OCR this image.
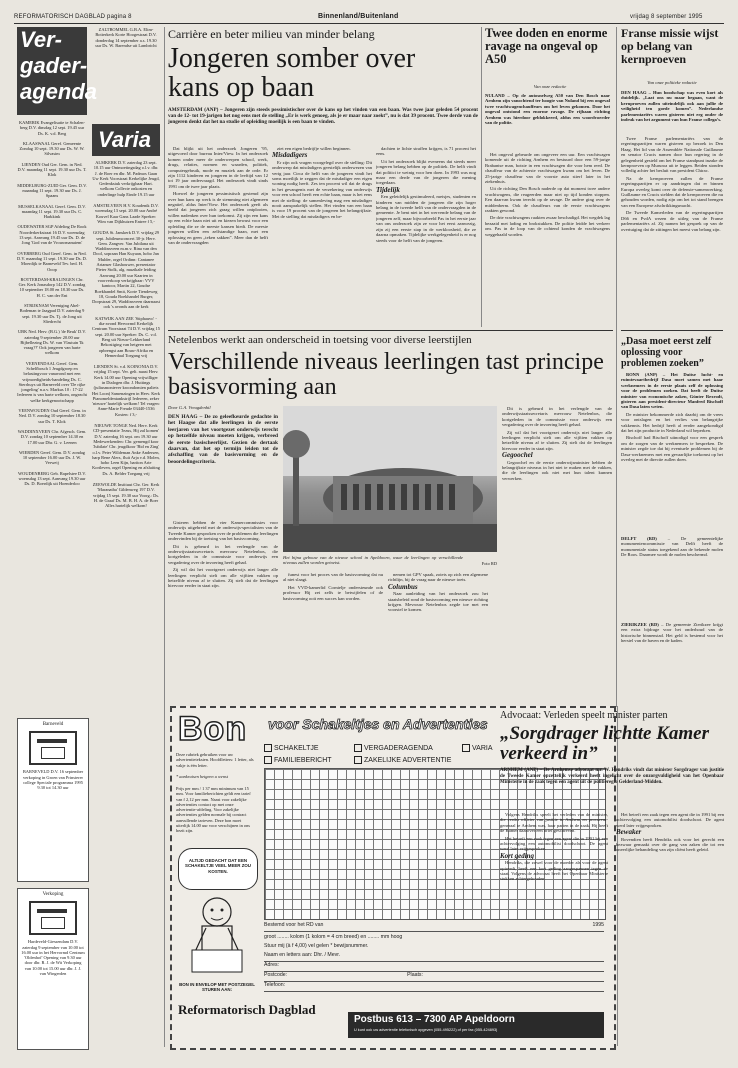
REFORMATORISCH DAGBLAD pagina 8	Binnenland/Buitenland	vrijdag 8 september 1995
Ver-
gader-
agenda
KAMERIK Evangelisatie te Schalenberg D.V. dinsdag 12 sept. 19.45 uur Ds. K. v.d. Berg
KLAASWAAL Geref. Gemeente Zondag 10 sept. 19.30 uur Ds. W. W. Silvasim
LIENDEN Oud Ger. Gem. in Ned. D.V. maandag 11 sept. 19.30 uur Ds. T. Klok
MIDDELBURG-ZUID Ger. Gem. D.V. maandag 11 sept. 19.30 uur Ds. J. Spaans
MUSSELKANAAL Geref. Gem. D.V. maandag 11 sept. 19.30 uur Ds. C. Harkkink
OUDEWATER SGP Afdeling De Rook Noorderkerkstraat 16 D.V. woensdag 13 sept. Aanvang 19.45 uur Ds. D. de Jong 'God van de Vrouwmanuiem'
OVERBERG Oud Geref. Gem. in Ned. D.V. maandag 11 sept. 19.30 uur Ds. D. Moerdijk te Barneveld Tev. bed. H. Ooop
ROTTERDAM-KRALINGEN Chr. Ger. Kerk Jonasdorp 142 D.V. zondag 10 september 18.00 en 18.30 uur Ds. H. C. van der Ent
STRIJKNAM Vereniging Abel-Bodeman te Jaagpad D.V. zaterdag 9 sept. 19.30 uur Ds. Tj. de Jong uit Sliedrecht
UBK Ned. Herv. (B.G.) 'de Beuk' D.V. zaterdag 9 september 20.00 uur Bijbellezing Ds. W. van Vlastuin 'Ik vraag??' Ook jongeren van harte welkom
VEENENDAAL Geref. Gem. Schelfbosch 1 Jeugdgroep en belastingvoor vanavond met een vrijmoedigheids-handeling Ds. C. Sterrhuys uit Barneveld over 'De rijke jongeling' n.a.v. Markus 10 : 17-22 Iedereen is van harte welkom, ongeacht welke kerkgenootschapp
VEENWOUDEN Oud Geref. Gem. in Ned. D.V. zondag 10 september 18.30 uur Ds. T. Klok
WADDINXVEEN Chr. Afgesch. Gem. D.V. zondag 10 september 14.30 en 17.00 uur Dhr. G. v. Leenen
WIERDEN Geref. Gem. D.V. zondag 10 september 16.00 uur Ds. J. W. Verweij
WOUDENBERG Geb. Rapelstee D.V. woensdag 13 sept. Aanvang 19.30 uur Ds. D. Boerdijk uit Hoenderloo
Barneveld
BARNEVELD D.V. 16 september verkoping in Groen van Prinsterer college Speciale programma 1995 9.30 tot 14.30 uur
Verkoping
Hardeveld-Giessendam D.V. zaterdag 9 september van 10.00 tot 16.00 uur in het Hervormd Centrum 'Oldenhof' Opening van 9.30 uur door dhr. R. J. de Wit Verkoping van 10.00 tot 15.00 uur dhr. J. J. van Wingerden
ZALTBOMMEL G.B.A. Elim-Botterkerk Korte Hoogestraat D.V. donderdag 14 september a.s. 19.30 uur Ds. W. Barendse uit Lambricht
Varia
ALMKERK D.V. zaterdag 23 sept. 10.15 uur Ontmoetingsdag o.l.v. dhr. J. de Boer en dhr. M. Padmos Gaan Uw Kerk Voorstraat Kerkelijke Jeugd, Gedenkstuk verkrijgbaar Hart. welkom Collecte onkosten en onderlinge hulp Einde 19.15 uur
AMSTELVEEN H.V. Koudenik D.V. woensdag 13 sept. 20.00 uur André Kouvel Kaar Gans Laade Spreker: Wim van Dijkhuizen Entree f 5,-
GOUDA St. Janskerk D.V. vrijdag 29 sept. Jubileumconcert 30-jr. Herv. Gem. Zangver. Van Jubilana uit Waddinxveen m.m.v. Rina van den Dool, sopraan Han Kuyaan, hobo Jan Mulder, orgel Ordinn: Cantanee Artanser Glashouwer, presentator Pieter Stolk, alg. muzikale leiding Aanvang 20.00 uur Kaarten in voorverkoop verkrijgbaar: VVV kantoor, Martin 22, Goudse Boekhandel Smit, Korte Tiendeweg 18, Gouda Boekhandel Burger, Dorpstraat 29, Waddinxveen daarnaast ook 's avonds aan de kerk
KATWIJK AAN ZEE 'Stiphauvo' - dia-avond Hervormd Kerkelijk Centrum Voorstraat 74 D.V. vrijdag 15 sept. 20.00 uur Spreker: Ds. C. v.d. Berg uit Nieuw-Lekkerland Bekostiging van hetgeen met opbrengst aan Bouw-Afrika en Hemerdaal Toegang vrij
LIENDEN St. v.d. KOINONIA D.V. vrijdag 15 sept. Ver. gelt. naast Herv. Kerk 14.00 uur Opening vrijwilliger in Dialogen dhr. J. Huttings (juliusmoniever kroondomien paliets Het Loon) Samenzingen in Herv. Kerk Pianomeldentankstrijl Iedereen, zeker 'nieuwe' hartelijk welkom! Tel vragen: Anne-Marie Freude 03440-1536 Kosten: f 3,-
NIEUWE TONGE Ned. Herv. Kerk CD-presentatie 'Jezus, Hij zal komen' D.V. zaterdag 16 sept. om 19.30 uur Medewerkenden: Chr. gemengd koor 'Jubilate' Chr. jeugdkoor 'Bid en Zing' o.l.v. Peter Wildeman Anke Andersen, harp Rene Alers, fluit Arja v.d. Molen, hobo Leen Kijn, bariton Arie Kortleven, orgel Opening en afsluiting Ds. A. Belder Toegang vrij
ZEEWOLDE Instituut Chr. Ger. Kerk 'Maranatha' Gildenweg 197 D.V. vrijdag 15 sept. 19.30 uur Voorg.: Ds. H. de Graaf Ds. M. B. H. A. de Boer Alles hartelijk welkom!
Carrière en beter milieu van minder belang
Jongeren somber over kans op baan
AMSTERDAM (ANP) – Jongeren zijn steeds pessimistischer over de kans op het vinden van een baan. Was twee jaar geleden 54 procent van de 12- tot 19-jarigen het nog eens met de stelling „Er is werk genoeg, als je er maar naar zoekt”, nu is dat 39 procent. Twee derde van de jongeren denkt dat het na studie of opleiding moeilijk is een baan te vinden.

Dat blijkt uit het onderzoek Jongeren '95, uitgevoerd door bureau Inter/View. In het onderzoek komen onder meer de onderwerpen school, werk, drugs, relaties, normen en waarden, politiek, computergebruik, mode en muziek aan de orde. Er zijn 1112 kinderen en jongeren in de leeftijd van 12 tot 19 jaar ondervraagd. Het onderzoek vindt sinds 1991 om de twee jaar plaats.

Hoewel de jongeren pessimistisch gestemd zijn over hun kans op werk is de stemming niet algemeen negatief, aldus Inter/View. Het onderzoek geeft als beeld dat jongeren zich graag willen ontplooien, willen nadenken over hun toekomst. Zij zijn een kans op een echte baan niet uit en kiezen bewust voor een opleiding die ze de meeste kansen biedt. De meeste jongeren willen een zelfstandige baan, met een oplossing en geen „teken sakken”. Meer dan de helft van de ondervraagden

ziet een eigen bedrijfje willen beginnen.

Misdadigers

Er zijn ook vragen voorgelegd over de stelling: Dit onderwerp dat misdadigers geestelijk onderwezen van verig jaar. Circa de helft van de jongeren vindt het soms moeilijk te zeggen dat de misdadiger een eigen woning nodig heeft. Zes ten procent wil dat de drugs in het gevangenis met de verzekering van onderwijs voor een school heeft een echte baan, maar is het eens met de stelling: de samenleving mag een misdadiger nooit aansprakelijk stellen. Het vinden van een baan is voor 19 procent van de jongeren het belangrijkste. Met de stelling dat misdadigers en be-

dachten te lichte straffen krijgen, is 71 procent het eens.

Uit het onderzoek blijkt eveneens dat steeds meer jongeren belang hebben op de politiek. De helft vindt dat politici te weinig voor hen doen. In 1993 was nog maar een derde van de jongeren die mening toegedaan.

Tijdelijk

Een geleidelijk gestimuleerd, meisjes, studenten en kinderen van midden de jongeren die zijn hoger belang in de tweede helft van de ondervraagden in de gemeente. Je bent niet in het wervende belang van de jongeren zelf, maar bijvoorbeeld Pas in het eerste jaar van ons onderzoek zijn ze voor het eerst aanwezig, zijn zij een eerste stap in de werkloosheid, die ze daarna opmaken. Tijdelijke werkgelegenheid is er nog steeds voor de helft van de jongeren.

Twee doden en enorme ravage na ongeval op A50
Van onze redactie
NULAND – Op de autosnelweg A50 van Den Bosch naar Arnhem zijn vanochtend ter hoogte van Nuland bij een ongeval twee vrachtwagenchauffeurs om het leven gekomen. Door het ongeval ontstond een enorme ravage. De rijbaan richting Arnhem was hierdoor geblokkeerd, aldus een woordvoerder van de politie.

Het ongeval gebeurde om ongeveer een uur. Een vrachtwagen komende uit de richting Arnhem en bestuurd door een 59-jarige Brabantse man, botste in een vrachtwagen die voor hem reed. De chauffeur van de achterste vrachtwagen kwam om het leven. De 25-jarige chauffeur van de voorste auto stierf later in het ziekenhuis.

Uit de richting Den Bosch naderde op dat moment twee andere vrachtwagens, die reageerden maar niet op tijd konden stoppen. Een daarvan kwam terecht op de ravage. De andere ging over de middenberm. Ook de chauffeurs van de eerste vrachtwagens raakten gewond.

De drie vrachtwagens raakten zwaar beschadigd. Het wegdek lag bezaaid met lading en brokstukken. De politie leidde het verkeer om. Pas in de loop van de ochtend konden de vrachtwagens weggehaald worden.

Franse missie wijst op belang van kernproeven
Van onze politieke redactie
DEN HAAG – Hun boodschap was even kort als duidelijk. „Laat ons nu maar begaan, want de kernproeven zullen uiteindelijk ook aan jullie de veiligheid ten goede komen”. Nederlandse parlementariërs waren gisteren niet erg onder de indruk van het argument van hun Franse collega’s.

Twee Franse parlementariërs van de regeringspartijen waren gisteren op bezoek in Den Haag. Het lid van de Assemblée Nationale Guillaume en senator Crucis namen door hun regering in de gelegenheid gesteld om het Franse standpunt inzake de kernproeven op Mururoa uit te leggen. Beiden stonden volledig achter het besluit van president Chirac.

Na de kernproeven zullen de Franse regeringspartijen er op aandringen dat er binnen Europa overleg komt over de defensie-samenwerking. Guillaume en Crucis stelden dat de kernproeven die nu gehouden worden, nodig zijn om het tot stand brengen van een Europese afschrikkingsmacht.

De Tweede Kamerleden van de regeringspartijen D66 en PvdA wezen de uitleg van de Franse parlementariërs af. Zij namen het gesprek op van de overtuiging dat de zittingen het meest van belang zijn.

„Dasa moet eerst zelf oplossing voor problemen zoeken”

BONN (ANP) – Het Duitse lucht- en ruimtevaartbedrijf Dasa moet samen met haar werknemers in de eerste plaats zelf de oplossing voor de problemen zoeken. Dat heeft de Duitse minister van economische zaken, Günter Rexrodt, gisteren aan president-directeur Manfred Bischoff van Dasa laten weten.

De minister bekommerde zich daarbij om de vrees voor ontslagen en het verlies van belangrijke vakkennis. Het bedrijf heeft al eerder aangekondigd dat het zijn productie in Nederland wil beperken.

Bischoff had Bischoff uitnodigd voor een gesprek om de zorgen van de werknemers te bespreken. De minister zegde toe dat bij eventuele problemen bij de Dasa-werknemers met een gevaarlijke toekomst op het overleg met de directie zullen doen.

DELFT (RD) – De gemeentelijke monumentencommissie van Delft heeft de monumentale status toegekend aan de bekende molen De Roos. Daarmee wordt de molen beschermd.

ZIERIKZEE (RD) – De gemeente Zierikzee krijgt een extra bijdrage voor het onderhoud van de historische binnenstad. Het geld is bestemd voor het herstel van de haven en de kaden.

Netelenbos werkt aan onderscheid in toetsing voor diverse leerstijlen
Verschillende niveaus leerlingen tast principe basisvorming aan
Door G.A. Vreugdenhil
DEN HAAG – De zo geleefkeurde gedachte in het Haagse dat alle leerlingen in de eerste leerjaren van het voortgezet onderwijs terecht op hetzelfde niveau moeten krijgen, verbreed de eerste basischeerlijst. Gezien de dertaak daarvan, dat het op termijn leiden tot de afschaffing van de basisvorming en de beoordelingscriteria.

Gisteren hebben de vier Kamercommissies voor onderwijs uitgebreid met de onderwijs-specialisten van de Tweede Kamer gesproken over de problemen die leerlingen ondervinden bij de toetsing van het basisvorming.

Dit is gebeurd in het verlengde van de onderwijsstaatssecretaris mevrouw Netelenbos, die kortgeleden in de commissie voor onderwijs een vergadering over de invoering heeft gehad.

Zij wil dat het voortgezet onderwijs niet langer alle leerlingen verplicht stelt om alle vijftien vakken op hetzelfde niveau af te sluiten. Zij stelt dat de leerlingen hiervoor eerder in staat zijn.

Het bijna gebouw van de nieuwe school in Apeldoorn, waar de leerlingen op verschillende niveaus zullen worden getoetst.	Foto RD

funest voor het proces van de basisvorming dat nu al niet slaagt.

Het VVD-kamerlid Cornielje ondersteunde ook professor Hij zei zelfs te betwijfelen of de basisvorming ooit een succes kan worden.

nemen tot GPV spaak, zoiets op zich een algemene richtlijn, bij de vraag naar de nieuwe toets.

Columbus

Naar aanleiding van het onderzoek zou het staatsbeleid rond de basisvorming een nieuwe richting krijgen. Mevrouw Netelenbos zegde toe met een voorstel te komen.

Dit is gebeurd in het verlengde van de onderwijsstaatssecretaris mevrouw Netelenbos, die kortgeleden in de commissie voor onderwijs een vergadering over de invoering heeft gehad.

Zij wil dat het voortgezet onderwijs niet langer alle leerlingen verplicht stelt om alle vijftien vakken op hetzelfde niveau af te sluiten. Zij stelt dat de leerlingen hiervoor eerder in staat zijn.

Gegoochel

Gegoochel en de eerste onderwijsminister hebben de belangrijkste niveaus in het niet te maken met de vakken, die de leerlingen ook niet met hun talent kunnen verwerken.

Bon voor Schakeltjes en Advertenties
Deze rubriek gebruiken voor uw advertentieteksten. Hoofdletters: 1 letter, als vakje is één letter.
SCHAKELTJE	VERGADERAGENDA	VARIA
FAMILIEBERICHT	ZAKELIJKE ADVERTENTIE
* aankruisen hetgeen u wenst
Prijs per mm / 1 37 mm minimum van 15 mm. Voor familieberichten geldt een tarief van f 2,12 per mm. Naast voor zakelijke advertenties contact op met onze advertentie-afdeling. Voor zakelijke advertenties gelden normale bij contract aanvullende tarieven. Deze bon moet uiterlijk 14.00 uur voor verschijnen in ons bezit zijn.
ALTIJD GEDACHT DAT EEN SCHAKELTJE VEEL MEER ZOU KOSTEN.
BON IN ENVELOP MET POSTZEGEL STUREN AAN:
Reformatorisch Dagblad
Bestemd voor het RD van	1995
groot ........ kolom (1 kolom = 4 cm breed) en ........ mm hoog
Stuur mij (à f 4,00) vel gelen * bewijsnummer.
Naam en letters aan: Dhr. / Mevr.
Adres:
Postcode:	Plaats:
Telefoon:
Postbus 613 – 7300 AP Apeldoorn
U kunt ook uw advertentie telefonisch opgeven (055-495222) of per fax (055-424893)
Advocaat: Verleden speelt minister parten
„Sorgdrager lichtte Kamer verkeerd in”
ARNHEM (ANP) – De Arnhemse advocaat mr. W. Hendriks vindt dat minister Sorgdrager van justitie de Tweede Kamer opzettelijk verkeerd heeft ingelicht over de onzorgvuldigheid van het Openbaar Ministerie in de zaak tegen een agent uit de politieregio Gelderland-Midden.

Volgens Hendriks speelt het verleden van de minister, die eerder officier van justitie in Arnhem en procureur-generaal te Arnhem was, haar parten in de zaak. Hij heeft de Kamer daarover een brief geschreven.

Het betreft een zaak tegen een agent die in 1991 bij een achtervolging een automobilist doodschoot. De agent werd later vrijgesproken.

Kort geding

Hendriks, die zowel voor de moeder als voor de agent optreedt, heeft een kort geding aangespannen tegen de staat. Volgens de advocaat heeft het Openbaar Ministerie stukken achtergehouden.

Het betreft een zaak tegen een agent die in 1991 bij een achtervolging een automobilist doodschoot. De agent werd later vrijgesproken.

Bewaker

Bovendien heeft Hendriks ook voor het gerecht een bezwaar gemaakt over de gang van zaken die tot een oneerlijke behandeling van zijn cliënt heeft geleid.
